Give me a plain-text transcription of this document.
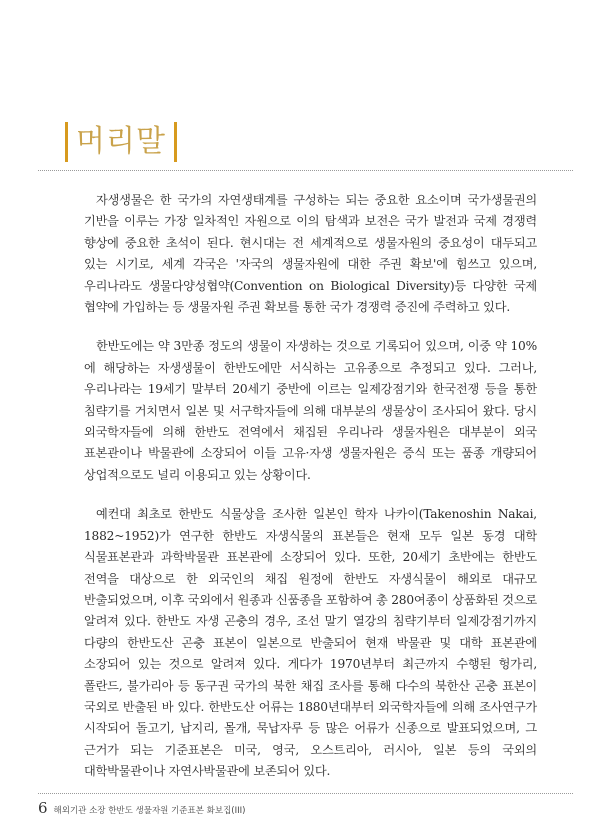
머리말

자생생물은 한 국가의 자연생태계를 구성하는 되는 중요한 요소이며 국가생물권의 기반을 이루는 가장 일차적인 자원으로 이의 탐색과 보전은 국가 발전과 국제 경쟁력 향상에 중요한 초석이 된다. 현시대는 전 세계적으로 생물자원의 중요성이 대두되고 있는 시기로, 세계 각국은 '자국의 생물자원에 대한 주권 확보'에 힘쓰고 있으며, 우리나라도 생물다양성협약(Convention on Biological Diversity)등 다양한 국제 협약에 가입하는 등 생물자원 주권 확보를 통한 국가 경쟁력 증진에 주력하고 있다.

한반도에는 약 3만종 정도의 생물이 자생하는 것으로 기록되어 있으며, 이중 약 10%에 해당하는 자생생물이 한반도에만 서식하는 고유종으로 추정되고 있다. 그러나, 우리나라는 19세기 말부터 20세기 중반에 이르는 일제강점기와 한국전쟁 등을 통한 침략기를 거치면서 일본 및 서구학자들에 의해 대부분의 생물상이 조사되어 왔다. 당시 외국학자들에 의해 한반도 전역에서 채집된 우리나라 생물자원은 대부분이 외국 표본관이나 박물관에 소장되어 이들 고유·자생 생물자원은 증식 또는 품종 개량되어 상업적으로도 널리 이용되고 있는 상황이다.

예컨대 최초로 한반도 식물상을 조사한 일본인 학자 나카이(Takenoshin Nakai, 1882~1952)가 연구한 한반도 자생식물의 표본들은 현재 모두 일본 동경 대학 식물표본관과 과학박물관 표본관에 소장되어 있다. 또한, 20세기 초반에는 한반도 전역을 대상으로 한 외국인의 채집 원정에 한반도 자생식물이 해외로 대규모 반출되었으며, 이후 국외에서 원종과 신품종을 포함하여 총 280여종이 상품화된 것으로 알려져 있다. 한반도 자생 곤충의 경우, 조선 말기 열강의 침략기부터 일제강점기까지 다량의 한반도산 곤충 표본이 일본으로 반출되어 현재 박물관 및 대학 표본관에 소장되어 있는 것으로 알려져 있다. 게다가 1970년부터 최근까지 수행된 헝가리, 폴란드, 불가리아 등 동구권 국가의 북한 채집 조사를 통해 다수의 북한산 곤충 표본이 국외로 반출된 바 있다. 한반도산 어류는 1880년대부터 외국학자들에 의해 조사연구가 시작되어 돌고기, 납지리, 몰개, 묵납자루 등 많은 어류가 신종으로 발표되었으며, 그 근거가 되는 기준표본은 미국, 영국, 오스트리아, 러시아, 일본 등의 국외의 대학박물관이나 자연사박물관에 보존되어 있다.

6 해외기관 소장 한반도 생물자원 기준표본 화보집(III)
